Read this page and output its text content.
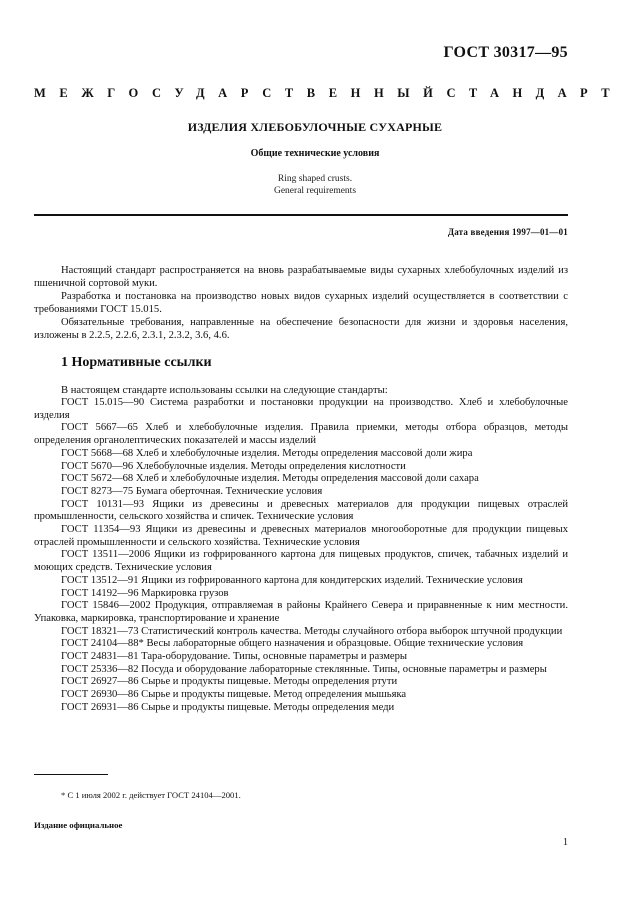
ГОСТ 30317—95
МЕЖГОСУДАРСТВЕННЫЙ СТАНДАРТ
ИЗДЕЛИЯ ХЛЕБОБУЛОЧНЫЕ СУХАРНЫЕ
Общие технические условия
Ring shaped crusts.
General requirements
Дата введения 1997—01—01
Настоящий стандарт распространяется на вновь разрабатываемые виды сухарных хлебобулочных изделий из пшеничной сортовой муки.
Разработка и постановка на производство новых видов сухарных изделий осуществляется в соответствии с требованиями ГОСТ 15.015.
Обязательные требования, направленные на обеспечение безопасности для жизни и здоровья населения, изложены в 2.2.5, 2.2.6, 2.3.1, 2.3.2, 3.6, 4.6.
1 Нормативные ссылки
В настоящем стандарте использованы ссылки на следующие стандарты:
ГОСТ 15.015—90 Система разработки и постановки продукции на производство. Хлеб и хлебобулочные изделия
ГОСТ 5667—65 Хлеб и хлебобулочные изделия. Правила приемки, методы отбора образцов, методы определения органолептических показателей и массы изделий
ГОСТ 5668—68 Хлеб и хлебобулочные изделия. Методы определения массовой доли жира
ГОСТ 5670—96 Хлебобулочные изделия. Методы определения кислотности
ГОСТ 5672—68 Хлеб и хлебобулочные изделия. Методы определения массовой доли сахара
ГОСТ 8273—75 Бумага оберточная. Технические условия
ГОСТ 10131—93 Ящики из древесины и древесных материалов для продукции пищевых отраслей промышленности, сельского хозяйства и спичек. Технические условия
ГОСТ 11354—93 Ящики из древесины и древесных материалов многооборотные для продукции пищевых отраслей промышленности и сельского хозяйства. Технические условия
ГОСТ 13511—2006 Ящики из гофрированного картона для пищевых продуктов, спичек, табачных изделий и моющих средств. Технические условия
ГОСТ 13512—91 Ящики из гофрированного картона для кондитерских изделий. Технические условия
ГОСТ 14192—96 Маркировка грузов
ГОСТ 15846—2002 Продукция, отправляемая в районы Крайнего Севера и приравненные к ним местности. Упаковка, маркировка, транспортирование и хранение
ГОСТ 18321—73 Статистический контроль качества. Методы случайного отбора выборок штучной продукции
ГОСТ 24104—88* Весы лабораторные общего назначения и образцовые. Общие технические условия
ГОСТ 24831—81 Тара-оборудование. Типы, основные параметры и размеры
ГОСТ 25336—82 Посуда и оборудование лабораторные стеклянные. Типы, основные параметры и размеры
ГОСТ 26927—86 Сырье и продукты пищевые. Методы определения ртути
ГОСТ 26930—86 Сырье и продукты пищевые. Метод определения мышьяка
ГОСТ 26931—86 Сырье и продукты пищевые. Методы определения меди
* С 1 июля 2002 г. действует ГОСТ 24104—2001.
Издание официальное
1
